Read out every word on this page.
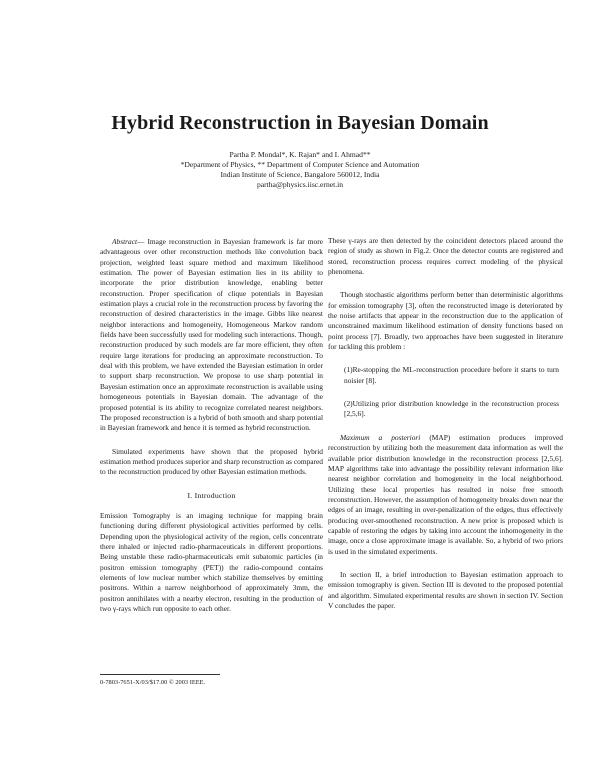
Hybrid Reconstruction in Bayesian Domain
Partha P. Mondal*, K. Rajan* and I. Ahmad**
*Department of Physics, ** Department of Computer Science and Automation
Indian Institute of Science, Bangalore 560012, India
partha@physics.iisc.ernet.in

Abstract— Image reconstruction in Bayesian framework is far more advantageous over other reconstruction methods like convolution back projection, weighted least square method and maximum likelihood estimation. The power of Bayesian estimation lies in its ability to incorporate the prior distribution knowledge, enabling better reconstruction. Proper specification of clique potentials in Bayesian estimation plays a crucial role in the reconstruction process by favoring the reconstruction of desired characteristics in the image. Gibbs like nearest neighbor interactions and homogeneity, Homogeneous Markov random fields have been successfully used for modeling such interactions. Though, reconstruction produced by such models are far more efficient, they often require large iterations for producing an approximate reconstruction. To deal with this problem, we have extended the Bayesian estimation in order to support sharp reconstruction. We propose to use sharp potential in Bayesian estimation once an approximate reconstruction is available using homogeneous potentials in Bayesian domain. The advantage of the proposed potential is its ability to recognize correlated nearest neighbors. The proposed reconstruction is a hybrid of both smooth and sharp potential in Bayesian framework and hence it is termed as hybrid reconstruction.

Simulated experiments have shown that the proposed hybrid estimation method produces superior and sharp reconstruction as compared to the reconstruction produced by other Bayesian estimation methods.

I. Introduction

Emission Tomography is an imaging technique for mapping brain functioning during different physiological activities performed by cells. Depending upon the physiological activity of the region, cells concentrate there inhaled or injected radio-pharmaceuticals in different proportions. Being unstable these radio-pharmaceuticals emit subatomic particles (in positron emission tomography (PET)) the radio-compound contains elements of low nuclear number which stabilize themselves by emitting positrons. Within a narrow neighborhood of approximately 3mm, the positron annihilates with a nearby electron, resulting in the production of two γ-rays which run opposite to each other.

These γ-rays are then detected by the coincident detectors placed around the region of study as shown in Fig.2. Once the detector counts are registered and stored, reconstruction process requires correct modeling of the physical phenomena.

Though stochastic algorithms perform better than deterministic algorithms for emission tomography [3], often the reconstructed image is deteriorated by the noise artifacts that appear in the reconstruction due to the application of unconstrained maximum likelihood estimation of density functions based on point process [7]. Broadly, two approaches have been suggested in literature for tackling this problem :

(1)Re-stopping the ML-reconstruction procedure before it starts to turn noisier [8].

(2)Utilizing prior distribution knowledge in the reconstruction process [2,5,6].

Maximum a posteriori (MAP) estimation produces improved reconstruction by utilizing both the measurement data information as well the available prior distribution knowledge in the reconstruction process [2,5,6]. MAP algorithms take into advantage the possibility relevant information like nearest neighbor correlation and homogeneity in the local neighborhood. Utilizing these local properties has resulted in noise free smooth reconstruction. However, the assumption of homogeneity breaks down near the edges of an image, resulting in over-penalization of the edges, thus effectively producing over-smoothened reconstruction. A new prior is proposed which is capable of restoring the edges by taking into account the inhomogeneity in the image, once a close approximate image is available. So, a hybrid of two priors is used in the simulated experiments.

In section II, a brief introduction to Bayesian estimation approach to emission tomography is given. Section III is devoted to the proposed potential and algorithm. Simulated experimental results are shown in section IV. Section V concludes the paper.

0-7803-7651-X/03/$17.00 © 2003 IEEE.
